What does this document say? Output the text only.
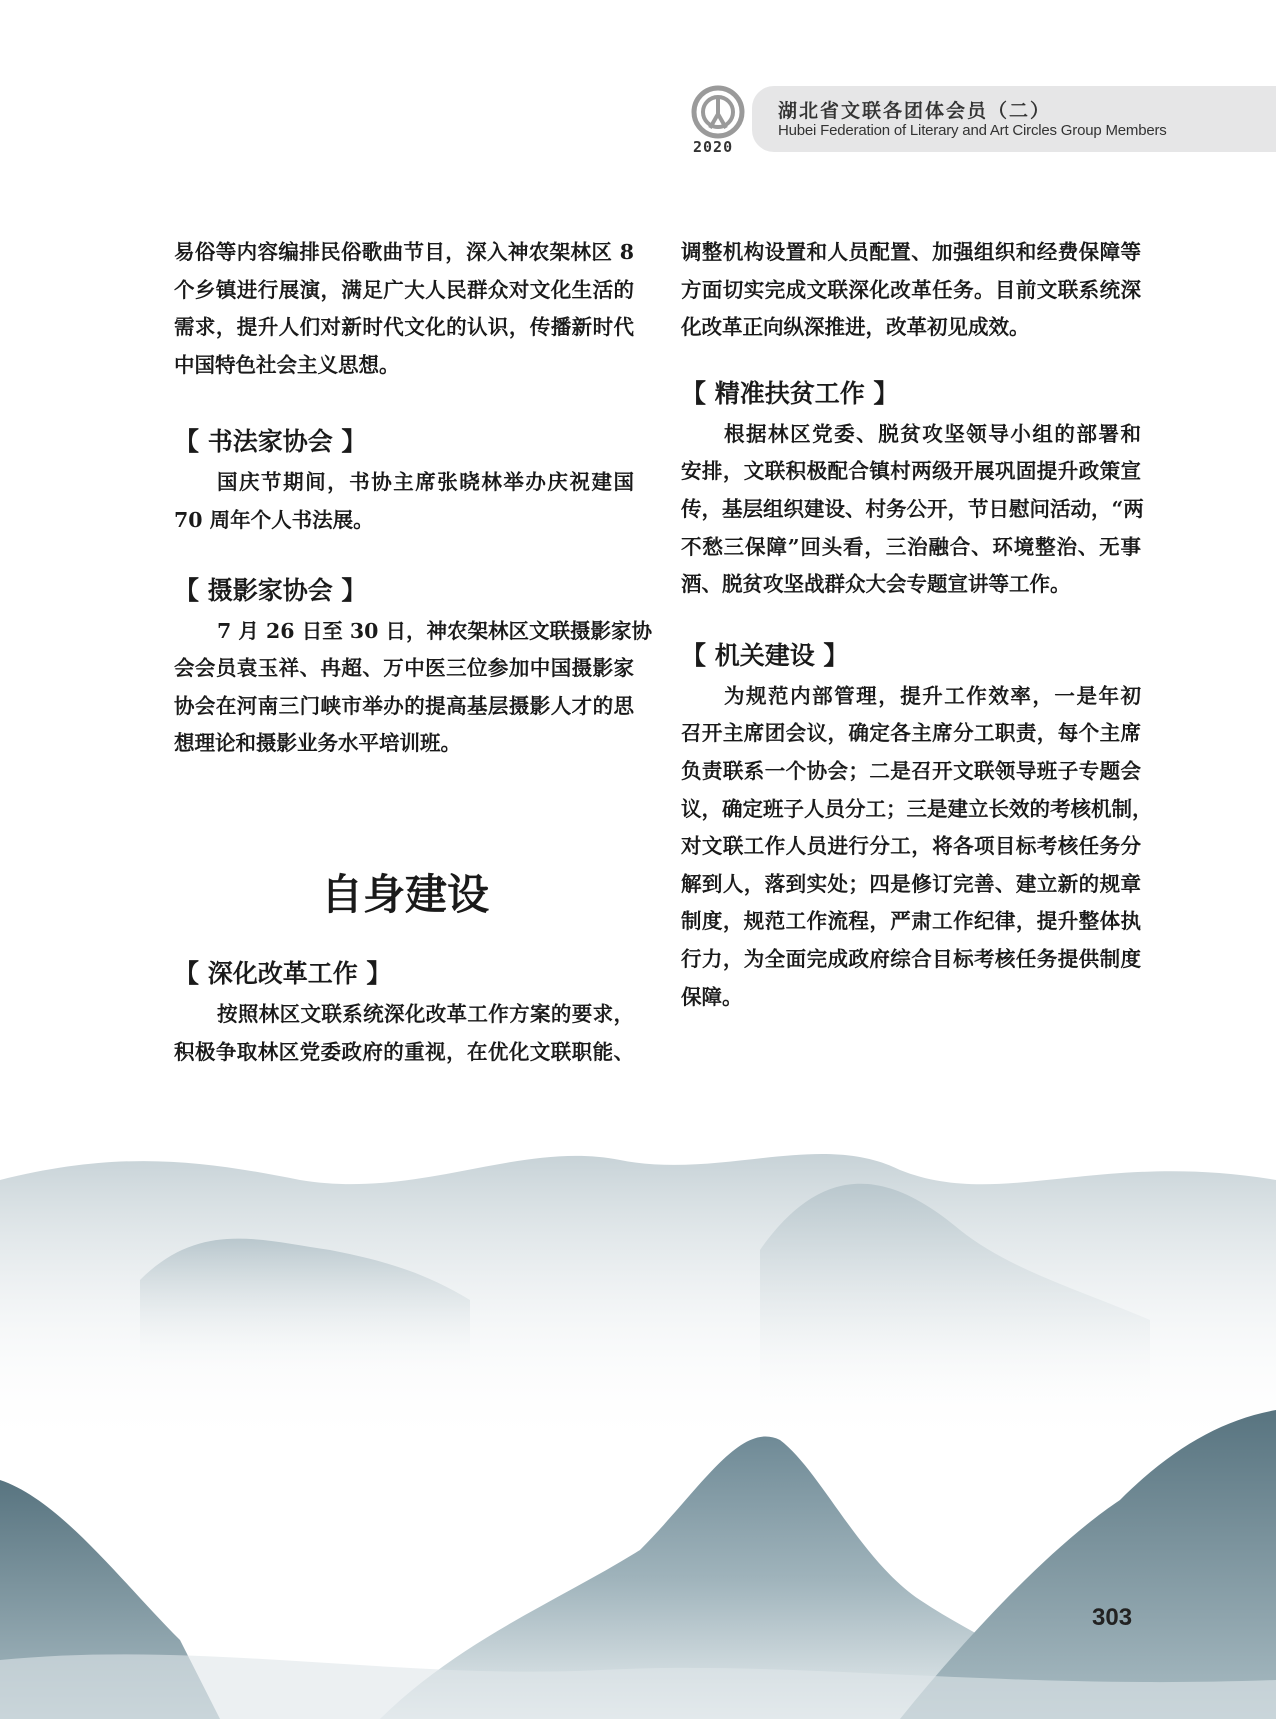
2020
湖北省文联各团体会员（二）
Hubei Federation of Literary and Art Circles Group Members
易俗等内容编排民俗歌曲节目，深入神农架林区 8
个乡镇进行展演，满足广大人民群众对文化生活的
需求，提升人们对新时代文化的认识，传播新时代
中国特色社会主义思想。
【 书法家协会 】
国庆节期间，书协主席张晓林举办庆祝建国
70 周年个人书法展。
【 摄影家协会 】
7 月 26 日至 30 日，神农架林区文联摄影家协
会会员袁玉祥、冉超、万中医三位参加中国摄影家
协会在河南三门峡市举办的提高基层摄影人才的思
想理论和摄影业务水平培训班。
自身建设
【 深化改革工作 】
按照林区文联系统深化改革工作方案的要求，
积极争取林区党委政府的重视，在优化文联职能、
调整机构设置和人员配置、加强组织和经费保障等
方面切实完成文联深化改革任务。目前文联系统深
化改革正向纵深推进，改革初见成效。
【 精准扶贫工作 】
根据林区党委、脱贫攻坚领导小组的部署和
安排，文联积极配合镇村两级开展巩固提升政策宣
传，基层组织建设、村务公开，节日慰问活动，“两
不愁三保障”回头看，三治融合、环境整治、无事
酒、脱贫攻坚战群众大会专题宣讲等工作。
【 机关建设 】
为规范内部管理，提升工作效率，一是年初
召开主席团会议，确定各主席分工职责，每个主席
负责联系一个协会；二是召开文联领导班子专题会
议，确定班子人员分工；三是建立长效的考核机制，
对文联工作人员进行分工，将各项目标考核任务分
解到人，落到实处；四是修订完善、建立新的规章
制度，规范工作流程，严肃工作纪律，提升整体执
行力，为全面完成政府综合目标考核任务提供制度
保障。
303
